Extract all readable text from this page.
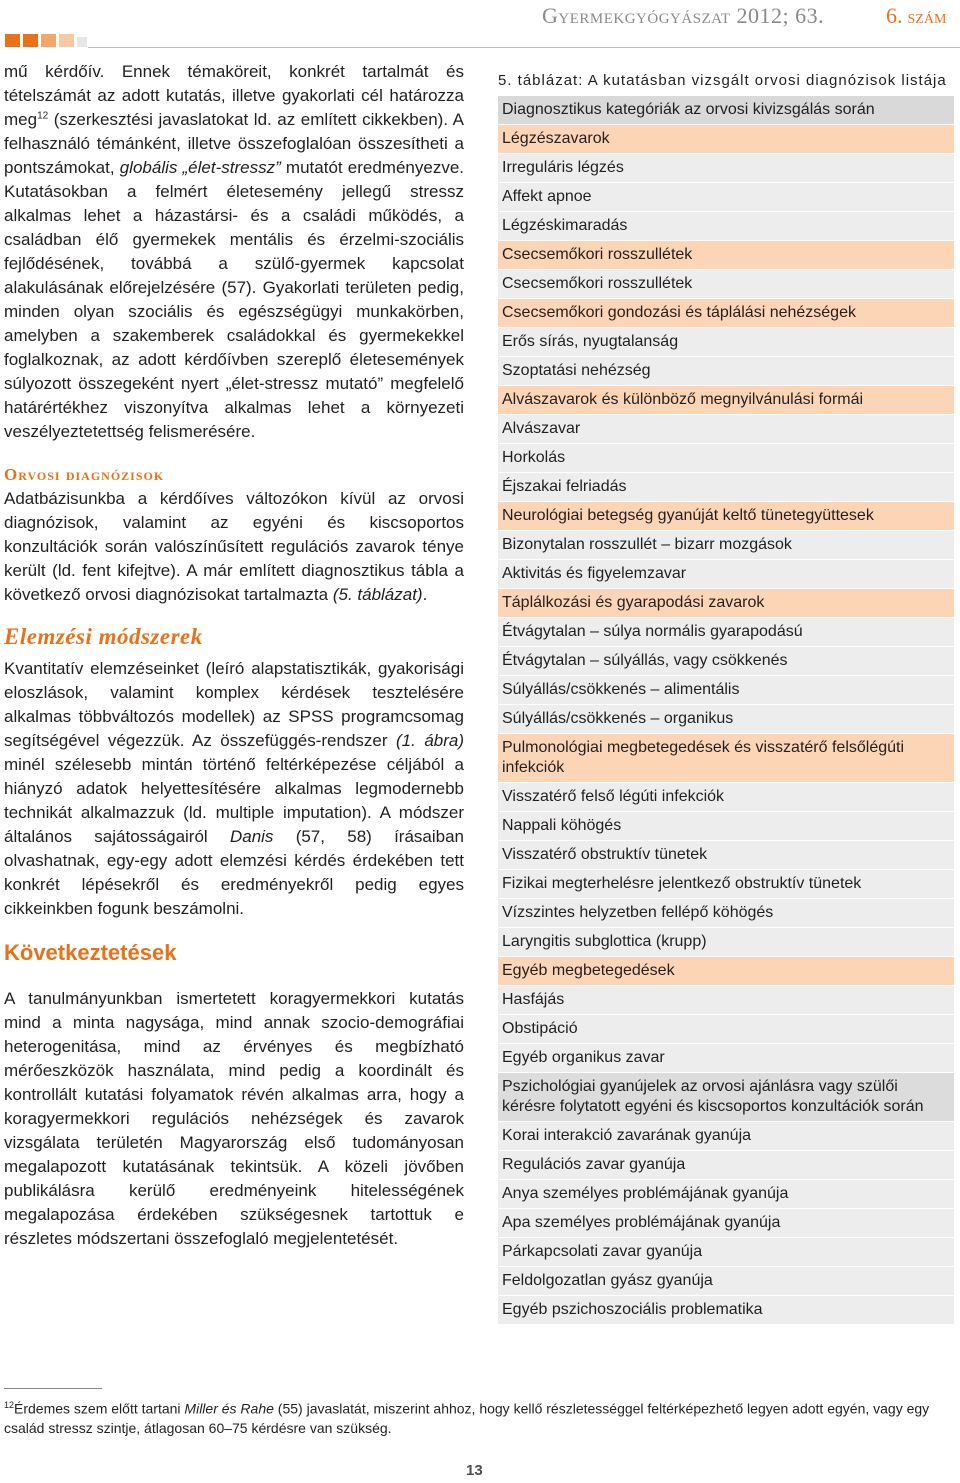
Gyermekgyógyászat 2012; 63.	6. szám

mű kérdőív. Ennek témaköreit, konkrét tartalmát és tételszámát az adott kutatás, illetve gyakorlati cél határozza meg$^{12}$ (szerkesztési javaslatokat ld. az említett cikkekben). A felhasználó témánként, illetve összefoglalóan összesítheti a pontszámokat, globális „élet-stressz” mutatót eredményezve. Kutatásokban a felmért életesemény jellegű stressz alkalmas lehet a házastársi- és a családi működés, a családban élő gyermekek mentális és érzelmi-szociális fejlődésének, továbbá a szülő-gyermek kapcsolat alakulásának előrejelzésére (57). Gyakorlati területen pedig, minden olyan szociális és egészségügyi munkakörben, amelyben a szakemberek családokkal és gyermekekkel foglalkoznak, az adott kérdőívben szereplő életesemények súlyozott összegeként nyert „élet-stressz mutató” megfelelő határértékhez viszonyítva alkalmas lehet a környezeti veszélyeztetettség felismerésére.

Orvosi diagnózisok

Adatbázisunkba a kérdőíves változókon kívül az orvosi diagnózisok, valamint az egyéni és kiscsoportos konzultációk során valószínűsített regulációs zavarok ténye került (ld. fent kifejtve). A már említett diagnosztikus tábla a következő orvosi diagnózisokat tartalmazta (5. táblázat).

Elemzési módszerek

Kvantitatív elemzéseinket (leíró alapstatisztikák, gyakorisági eloszlások, valamint komplex kérdések tesztelésére alkalmas többváltozós modellek) az SPSS programcsomag segítségével végezzük. Az összefüggés-rendszer (1. ábra) minél szélesebb mintán történő feltérképezése céljából a hiányzó adatok helyettesítésére alkalmas legmodernebb technikát alkalmazzuk (ld. multiple imputation). A módszer általános sajátosságairól Danis (57, 58) írásaiban olvashatnak, egy-egy adott elemzési kérdés érdekében tett konkrét lépésekről és eredményekről pedig egyes cikkeinkben fogunk beszámolni.

Következtetések

A tanulmányunkban ismertetett koragyermekkori kutatás mind a minta nagysága, mind annak szocio-demográfiai heterogenitása, mind az érvényes és megbízható mérőeszközök használata, mind pedig a koordinált és kontrollált kutatási folyamatok révén alkalmas arra, hogy a koragyermekkori regulációs nehézségek és zavarok vizsgálata területén Magyarország első tudományosan megalapozott kutatásának tekintsük. A közeli jövőben publikálásra kerülő eredményeink hitelességének megalapozása érdekében szükségesnek tartottuk e részletes módszertani összefoglaló megjelentetését.

5. táblázat: A kutatásban vizsgált orvosi diagnózisok listája
Diagnosztikus kategóriák az orvosi kivizsgálás során
Légzészavarok
Irreguláris légzés
Affekt apnoe
Légzéskimaradás
Csecsemőkori rosszullétek
Csecsemőkori rosszullétek
Csecsemőkori gondozási és táplálási nehézségek
Erős sírás, nyugtalanság
Szoptatási nehézség
Alvászavarok és különböző megnyilvánulási formái
Alvászavar
Horkolás
Éjszakai felriadás
Neurológiai betegség gyanúját keltő tünetegyüttesek
Bizonytalan rosszullét – bizarr mozgások
Aktivitás és figyelemzavar
Táplálkozási és gyarapodási zavarok
Étvágytalan – súlya normális gyarapodású
Étvágytalan – súlyállás, vagy csökkenés
Súlyállás/csökkenés – alimentális
Súlyállás/csökkenés – organikus
Pulmonológiai megbetegedések és visszatérő felsőlégúti infekciók
Visszatérő felső légúti infekciók
Nappali köhögés
Visszatérő obstruktív tünetek
Fizikai megterhelésre jelentkező obstruktív tünetek
Vízszintes helyzetben fellépő köhögés
Laryngitis subglottica (krupp)
Egyéb megbetegedések
Hasfájás
Obstipáció
Egyéb organikus zavar
Pszichológiai gyanújelek az orvosi ajánlásra vagy szülői kérésre folytatott egyéni és kiscsoportos konzultációk során
Korai interakció zavarának gyanúja
Regulációs zavar gyanúja
Anya személyes problémájának gyanúja
Apa személyes problémájának gyanúja
Párkapcsolati zavar gyanúja
Feldolgozatlan gyász gyanúja
Egyéb pszichoszociális problematika
$^{12}$Érdemes szem előtt tartani Miller és Rahe (55) javaslatát, miszerint ahhoz, hogy kellő részletességgel feltérképezhető legyen adott egyén, vagy egy család stressz szintje, átlagosan 60–75 kérdésre van szükség.
13
